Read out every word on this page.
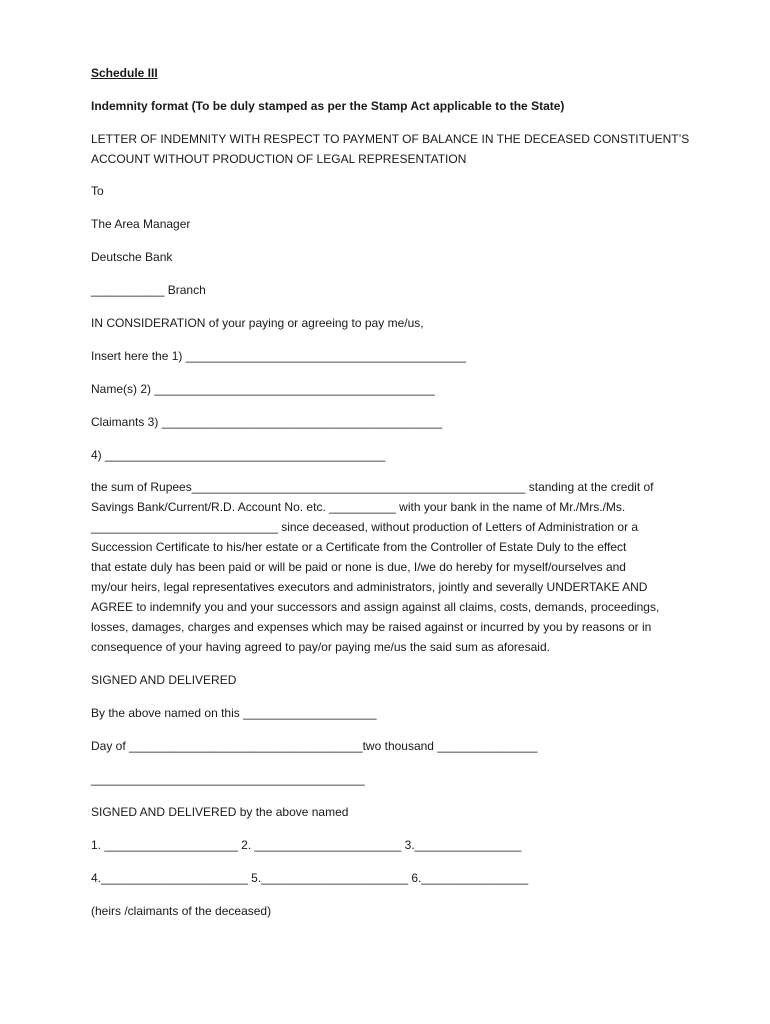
Schedule III
Indemnity format (To be duly stamped as per the Stamp Act applicable to the State)
LETTER OF INDEMNITY WITH RESPECT TO PAYMENT OF BALANCE IN THE DECEASED CONSTITUENT’S
ACCOUNT WITHOUT PRODUCTION OF LEGAL REPRESENTATION
To
The Area Manager
Deutsche Bank
___________ Branch
IN CONSIDERATION of your paying or agreeing to pay me/us,
Insert here the 1) __________________________________________
Name(s) 2) __________________________________________
Claimants 3) __________________________________________
4) __________________________________________
the sum of Rupees__________________________________________________ standing at the credit of
Savings Bank/Current/R.D. Account No. etc. __________ with your bank in the name of Mr./Mrs./Ms.
____________________________ since deceased, without production of Letters of Administration or a
Succession Certificate to his/her estate or a Certificate from the Controller of Estate Duly to the effect
that estate duly has been paid or will be paid or none is due, I/we do hereby for myself/ourselves and
my/our heirs, legal representatives executors and administrators, jointly and severally UNDERTAKE AND
AGREE to indemnify you and your successors and assign against all claims, costs, demands, proceedings,
losses, damages, charges and expenses which may be raised against or incurred by you by reasons or in
consequence of your having agreed to pay/or paying me/us the said sum as aforesaid.
SIGNED AND DELIVERED
By the above named on this ____________________
Day of ___________________________________two thousand _______________
_________________________________________
SIGNED AND DELIVERED by the above named
1. ____________________ 2. ______________________ 3.________________
4.______________________ 5.______________________ 6.________________
(heirs /claimants of the deceased)
